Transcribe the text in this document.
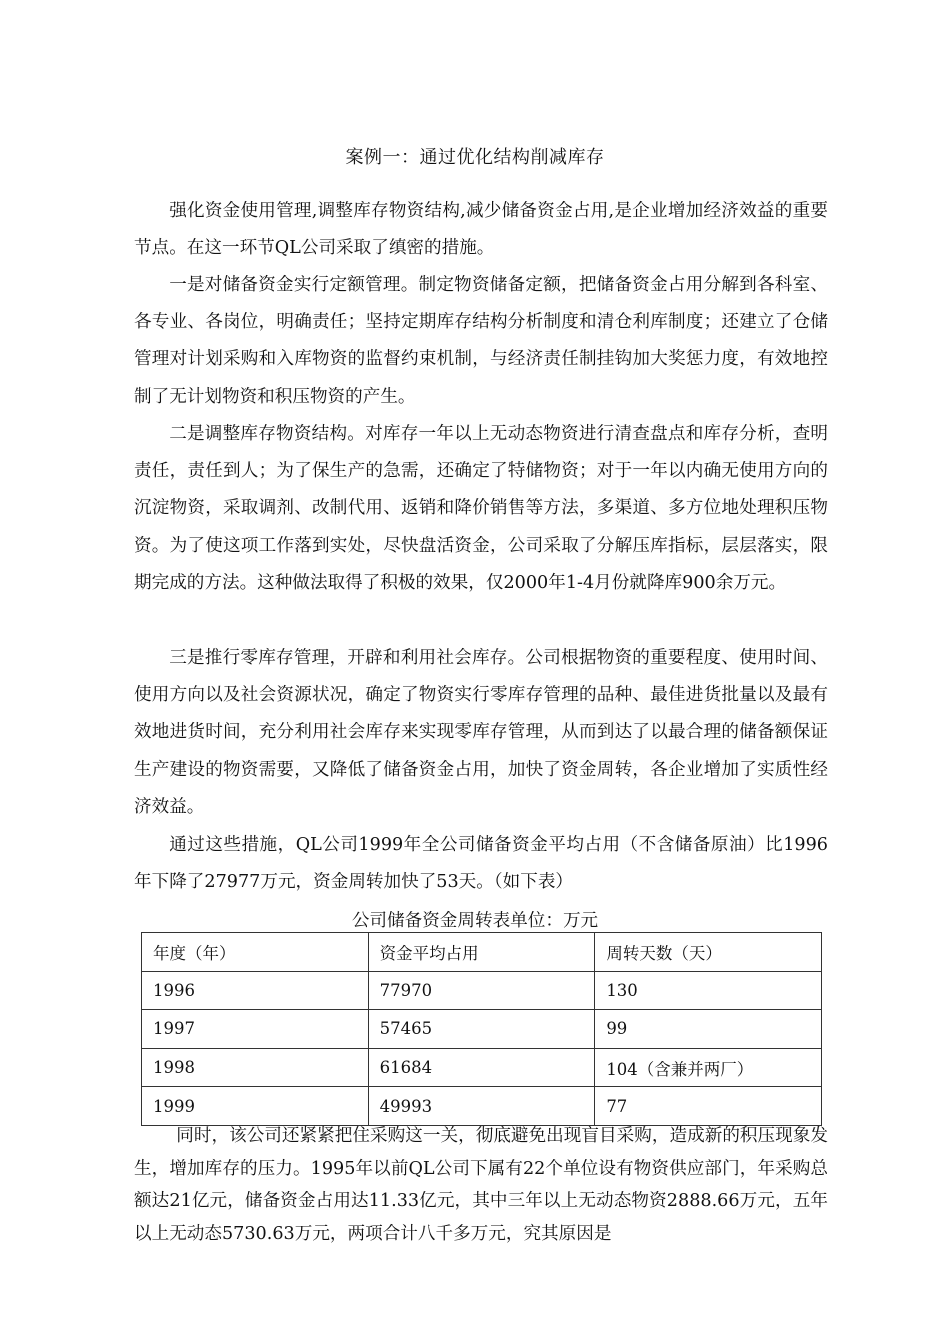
案例一：通过优化结构削减库存

强化资金使用管理,调整库存物资结构,减少储备资金占用,是企业增加经济效益的重要节点。在这一环节QL公司采取了缜密的措施。

一是对储备资金实行定额管理。制定物资储备定额，把储备资金占用分解到各科室、各专业、各岗位，明确责任；坚持定期库存结构分析制度和清仓利库制度；还建立了仓储管理对计划采购和入库物资的监督约束机制，与经济责任制挂钩加大奖惩力度，有效地控制了无计划物资和积压物资的产生。

二是调整库存物资结构。对库存一年以上无动态物资进行清查盘点和库存分析，查明责任，责任到人；为了保生产的急需，还确定了特储物资；对于一年以内确无使用方向的沉淀物资，采取调剂、改制代用、返销和降价销售等方法，多渠道、多方位地处理积压物资。为了使这项工作落到实处，尽快盘活资金，公司采取了分解压库指标，层层落实，限期完成的方法。这种做法取得了积极的效果，仅2000年1-4月份就降库900余万元。

三是推行零库存管理，开辟和利用社会库存。公司根据物资的重要程度、使用时间、使用方向以及社会资源状况，确定了物资实行零库存管理的品种、最佳进货批量以及最有效地进货时间，充分利用社会库存来实现零库存管理，从而到达了以最合理的储备额保证生产建设的物资需要，又降低了储备资金占用，加快了资金周转，各企业增加了实质性经济效益。

通过这些措施，QL公司1999年全公司储备资金平均占用（不含储备原油）比1996年下降了27977万元，资金周转加快了53天。（如下表）

公司储备资金周转表单位：万元
年度（年）	资金平均占用	周转天数（天）
1996	77970	130
1997	57465	99
1998	61684	104（含兼并两厂）
1999	49993	77

同时，该公司还紧紧把住采购这一关，彻底避免出现盲目采购，造成新的积压现象发生，增加库存的压力。1995年以前QL公司下属有22个单位设有物资供应部门，年采购总额达21亿元，储备资金占用达11.33亿元，其中三年以上无动态物资2888.66万元，五年以上无动态5730.63万元，两项合计八千多万元，究其原因是
